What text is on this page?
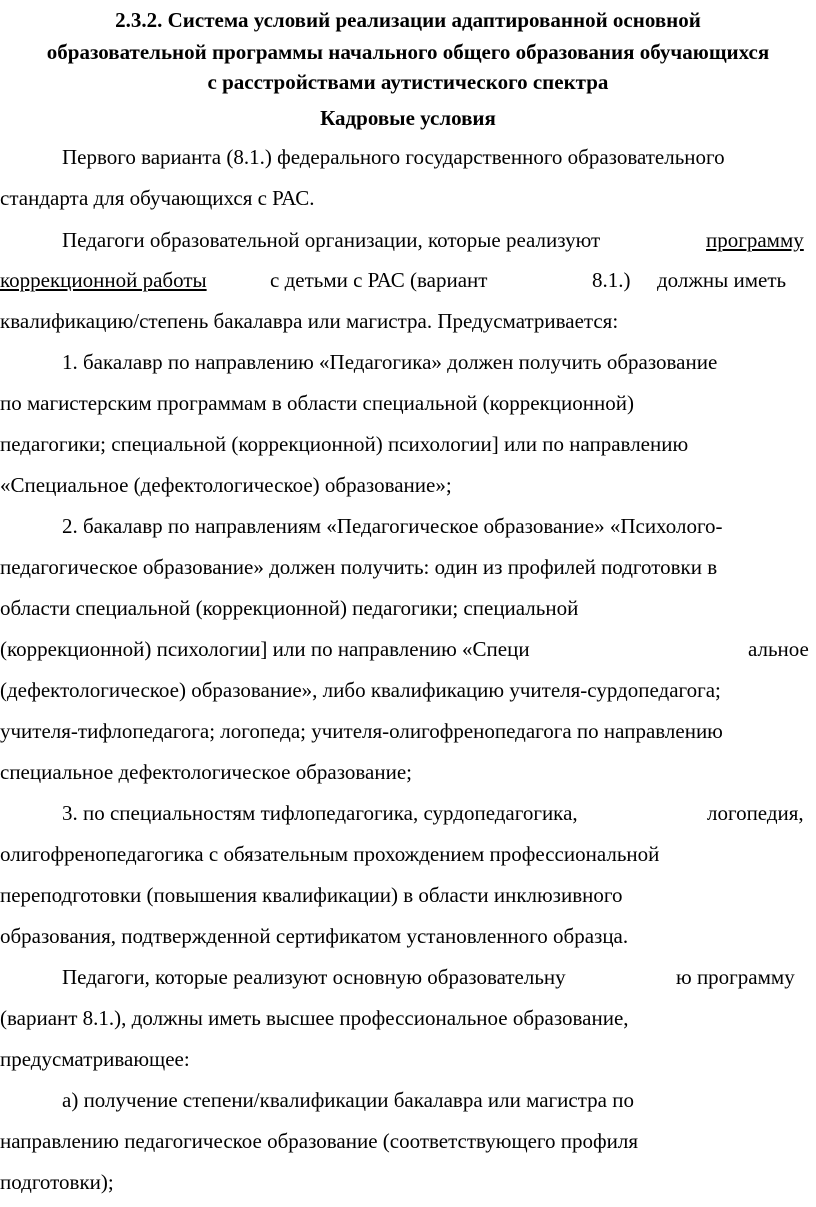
2.3.2. Система условий реализации адаптированной основной
образовательной программы начального общего образования обучающихся
с расстройствами аутистического спектра
Кадровые условия
Первого варианта (8.1.) федерального государственного образовательного
стандарта для обучающихся с РАС.
Педагоги образовательной организации, которые реализуют	программу
коррекционной работы	с детьми с РАС (вариант	8.1.) должны иметь
квалификацию/степень бакалавра или магистра. Предусматривается:
1. бакалавр по направлению «Педагогика» должен получить образование
по магистерским программам в области специальной (коррекционной)
педагогики; специальной (коррекционной) психологии] или по направлению
«Специальное (дефектологическое) образование»;
2. бакалавр по направлениям «Педагогическое образование» «Психолого-
педагогическое образование» должен получить: один из профилей подготовки в
области специальной (коррекционной) педагогики; специальной
(коррекционной) психологии] или по направлению «Специ	альное
(дефектологическое) образование», либо квалификацию учителя-сурдопедагога;
учителя-тифлопедагога; логопеда; учителя-олигофренопедагога по направлению
специальное дефектологическое образование;
3. по специальностям тифлопедагогика, сурдопедагогика,	логопедия,
олигофренопедагогика с обязательным прохождением профессиональной
переподготовки (повышения квалификации) в области инклюзивного
образования, подтвержденной сертификатом установленного образца.
Педагоги, которые реализуют основную образовательну	ю программу
(вариант 8.1.), должны иметь высшее профессиональное образование,
предусматривающее:
а) получение степени/квалификации бакалавра или магистра по
направлению педагогическое образование (соответствующего профиля
подготовки);
